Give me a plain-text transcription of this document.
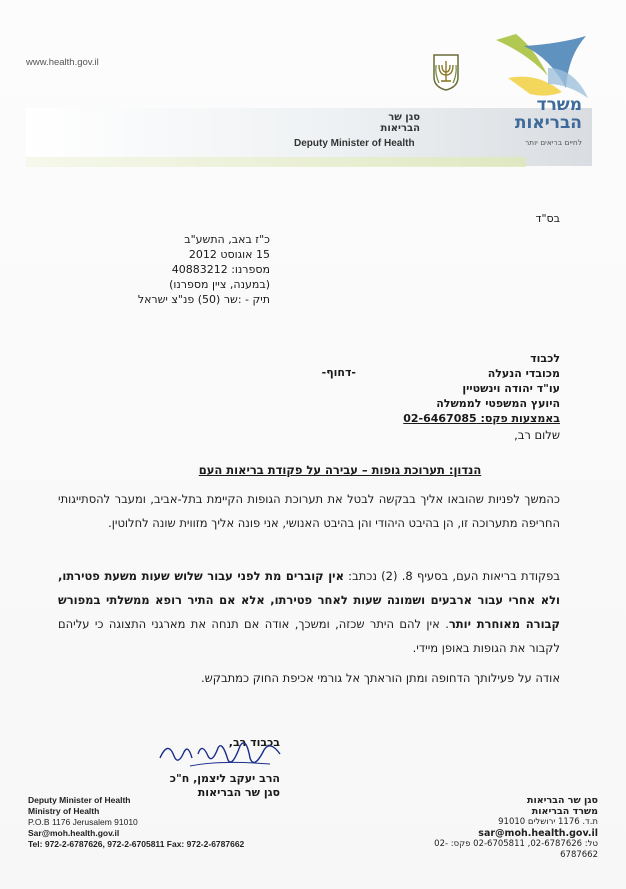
www.health.gov.il
סגן שר הבריאות
Deputy Minister of Health
משרד
הבריאות
לחיים בריאים יותר
בס"ד
כ"ז באב, התשע"ב
15 אוגוסט 2012
מספרנו: 40883212
(במענה, ציין מספרנו)
תיק - :שר (50) פנ"צ ישראל
לכבוד
מכובדי הנעלה
עו"ד יהודה וינשטיין
היועץ המשפטי לממשלה
באמצעות פקס: 02-6467085
-דחוף-
שלום רב,
הנדון: תערוכת גופות – עבירה על פקודת בריאות העם
כהמשך לפניות שהובאו אליך בבקשה לבטל את תערוכת הגופות הקיימת בתל-אביב, ומעבר להסתייגותי החריפה מתערוכה זו, הן בהיבט היהודי והן בהיבט האנושי, אני פונה אליך מזווית שונה לחלוטין.
בפקודת בריאות העם, בסעיף 8. (2) נכתב: אין קוברים מת לפני עבור שלוש שעות משעת פטירתו, ולא אחרי עבור ארבעים ושמונה שעות לאחר פטירתו, אלא אם התיר רופא ממשלתי במפורש קבורה מאוחרת יותר. אין להם היתר שכזה, ומשכך, אודה אם תנחה את מארגני התצוגה כי עליהם לקבור את הגופות באופן מיידי.
אודה על פעילותך הדחופה ומתן הוראתך אל גורמי אכיפת החוק כמתבקש.
בכבוד רב,
הרב יעקב ליצמן, ח"כ
סגן שר הבריאות
Deputy Minister of Health
Ministry of Health
P.O.B 1176 Jerusalem 91010
Sar@moh.health.gov.il
Tel: 972-2-6787626, 972-2-6705811 Fax: 972-2-6787662
סגן שר הבריאות
משרד הבריאות
ת.ד. 1176 ירושלים 91010
sar@moh.health.gov.il
טל: 02-6787626, 02-6705811 פקס: 02-6787662
